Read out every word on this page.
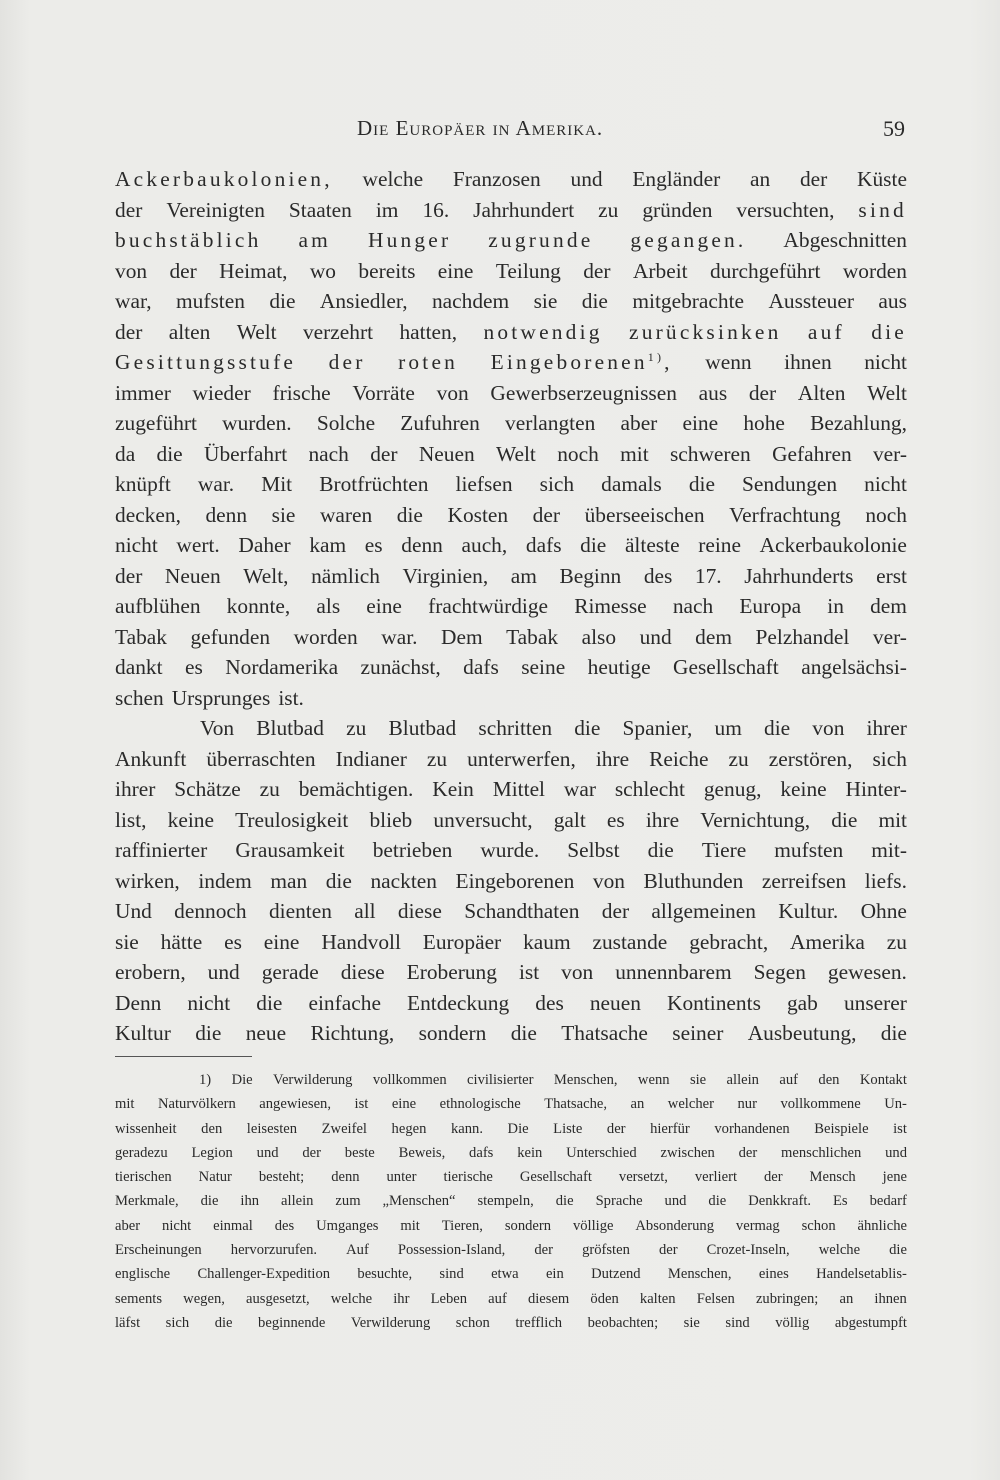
Die Europäer in Amerika.	59
Ackerbaukolonien, welche Franzosen und Engländer an der Küste
der Vereinigten Staaten im 16. Jahrhundert zu gründen versuchten, sind
buchstäblich am Hunger zugrunde gegangen. Abgeschnitten
von der Heimat, wo bereits eine Teilung der Arbeit durchgeführt worden
war, mufsten die Ansiedler, nachdem sie die mitgebrachte Aussteuer aus
der alten Welt verzehrt hatten, notwendig zurücksinken auf die
Gesittungsstufe der roten Eingeborenen$^{1)}$, wenn ihnen nicht
immer wieder frische Vorräte von Gewerbserzeugnissen aus der Alten Welt
zugeführt wurden. Solche Zufuhren verlangten aber eine hohe Bezahlung,
da die Überfahrt nach der Neuen Welt noch mit schweren Gefahren ver-
knüpft war. Mit Brotfrüchten liefsen sich damals die Sendungen nicht
decken, denn sie waren die Kosten der überseeischen Verfrachtung noch
nicht wert. Daher kam es denn auch, dafs die älteste reine Ackerbaukolonie
der Neuen Welt, nämlich Virginien, am Beginn des 17. Jahrhunderts erst
aufblühen konnte, als eine frachtwürdige Rimesse nach Europa in dem
Tabak gefunden worden war. Dem Tabak also und dem Pelzhandel ver-
dankt es Nordamerika zunächst, dafs seine heutige Gesellschaft angelsächsi-
schen Ursprunges ist.
Von Blutbad zu Blutbad schritten die Spanier, um die von ihrer
Ankunft überraschten Indianer zu unterwerfen, ihre Reiche zu zerstören, sich
ihrer Schätze zu bemächtigen. Kein Mittel war schlecht genug, keine Hinter-
list, keine Treulosigkeit blieb unversucht, galt es ihre Vernichtung, die mit
raffinierter Grausamkeit betrieben wurde. Selbst die Tiere mufsten mit-
wirken, indem man die nackten Eingeborenen von Bluthunden zerreifsen liefs.
Und dennoch dienten all diese Schandthaten der allgemeinen Kultur. Ohne
sie hätte es eine Handvoll Europäer kaum zustande gebracht, Amerika zu
erobern, und gerade diese Eroberung ist von unnennbarem Segen gewesen.
Denn nicht die einfache Entdeckung des neuen Kontinents gab unserer
Kultur die neue Richtung, sondern die Thatsache seiner Ausbeutung, die
1) Die Verwilderung vollkommen civilisierter Menschen, wenn sie allein auf den Kontakt
mit Naturvölkern angewiesen, ist eine ethnologische Thatsache, an welcher nur vollkommene Un-
wissenheit den leisesten Zweifel hegen kann. Die Liste der hierfür vorhandenen Beispiele ist
geradezu Legion und der beste Beweis, dafs kein Unterschied zwischen der menschlichen und
tierischen Natur besteht; denn unter tierische Gesellschaft versetzt, verliert der Mensch jene
Merkmale, die ihn allein zum „Menschen“ stempeln, die Sprache und die Denkkraft. Es bedarf
aber nicht einmal des Umganges mit Tieren, sondern völlige Absonderung vermag schon ähnliche
Erscheinungen hervorzurufen. Auf Possession-Island, der gröfsten der Crozet-Inseln, welche die
englische Challenger-Expedition besuchte, sind etwa ein Dutzend Menschen, eines Handelsetablis-
sements wegen, ausgesetzt, welche ihr Leben auf diesem öden kalten Felsen zubringen; an ihnen
läfst sich die beginnende Verwilderung schon trefflich beobachten; sie sind völlig abgestumpft
